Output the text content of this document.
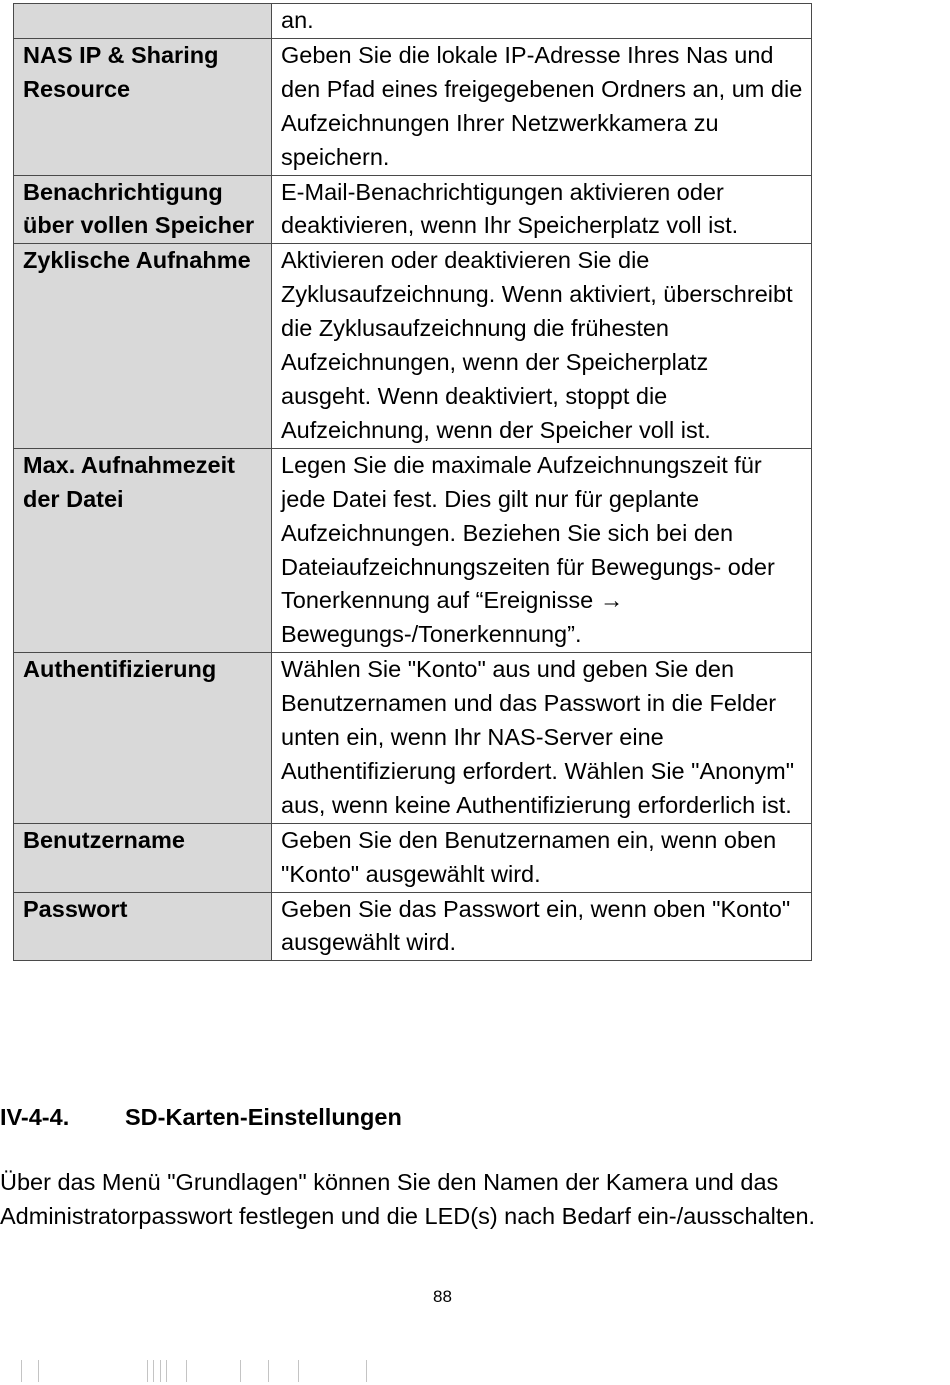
	an.
NAS IP & Sharing Resource	Geben Sie die lokale IP-Adresse Ihres Nas und den Pfad eines freigegebenen Ordners an, um die Aufzeichnungen Ihrer Netzwerkkamera zu speichern.
Benachrichtigung über vollen Speicher	E-Mail-Benachrichtigungen aktivieren oder deaktivieren, wenn Ihr Speicherplatz voll ist.
Zyklische Aufnahme	Aktivieren oder deaktivieren Sie die Zyklusaufzeichnung. Wenn aktiviert, überschreibt die Zyklusaufzeichnung die frühesten Aufzeichnungen, wenn der Speicherplatz ausgeht. Wenn deaktiviert, stoppt die Aufzeichnung, wenn der Speicher voll ist.
Max. Aufnahmezeit der Datei	Legen Sie die maximale Aufzeichnungszeit für jede Datei fest. Dies gilt nur für geplante Aufzeichnungen. Beziehen Sie sich bei den Dateiaufzeichnungszeiten für Bewegungs- oder Tonerkennung auf “Ereignisse → Bewegungs-/Tonerkennung”.
Authentifizierung	Wählen Sie "Konto" aus und geben Sie den Benutzernamen und das Passwort in die Felder unten ein, wenn Ihr NAS-Server eine Authentifizierung erfordert. Wählen Sie "Anonym" aus, wenn keine Authentifizierung erforderlich ist.
Benutzername	Geben Sie den Benutzernamen ein, wenn oben "Konto" ausgewählt wird.
Passwort	Geben Sie das Passwort ein, wenn oben "Konto" ausgewählt wird.
IV-4-4. SD-Karten-Einstellungen

Über das Menü "Grundlagen" können Sie den Namen der Kamera und das Administratorpasswort festlegen und die LED(s) nach Bedarf ein-/ausschalten.

88
